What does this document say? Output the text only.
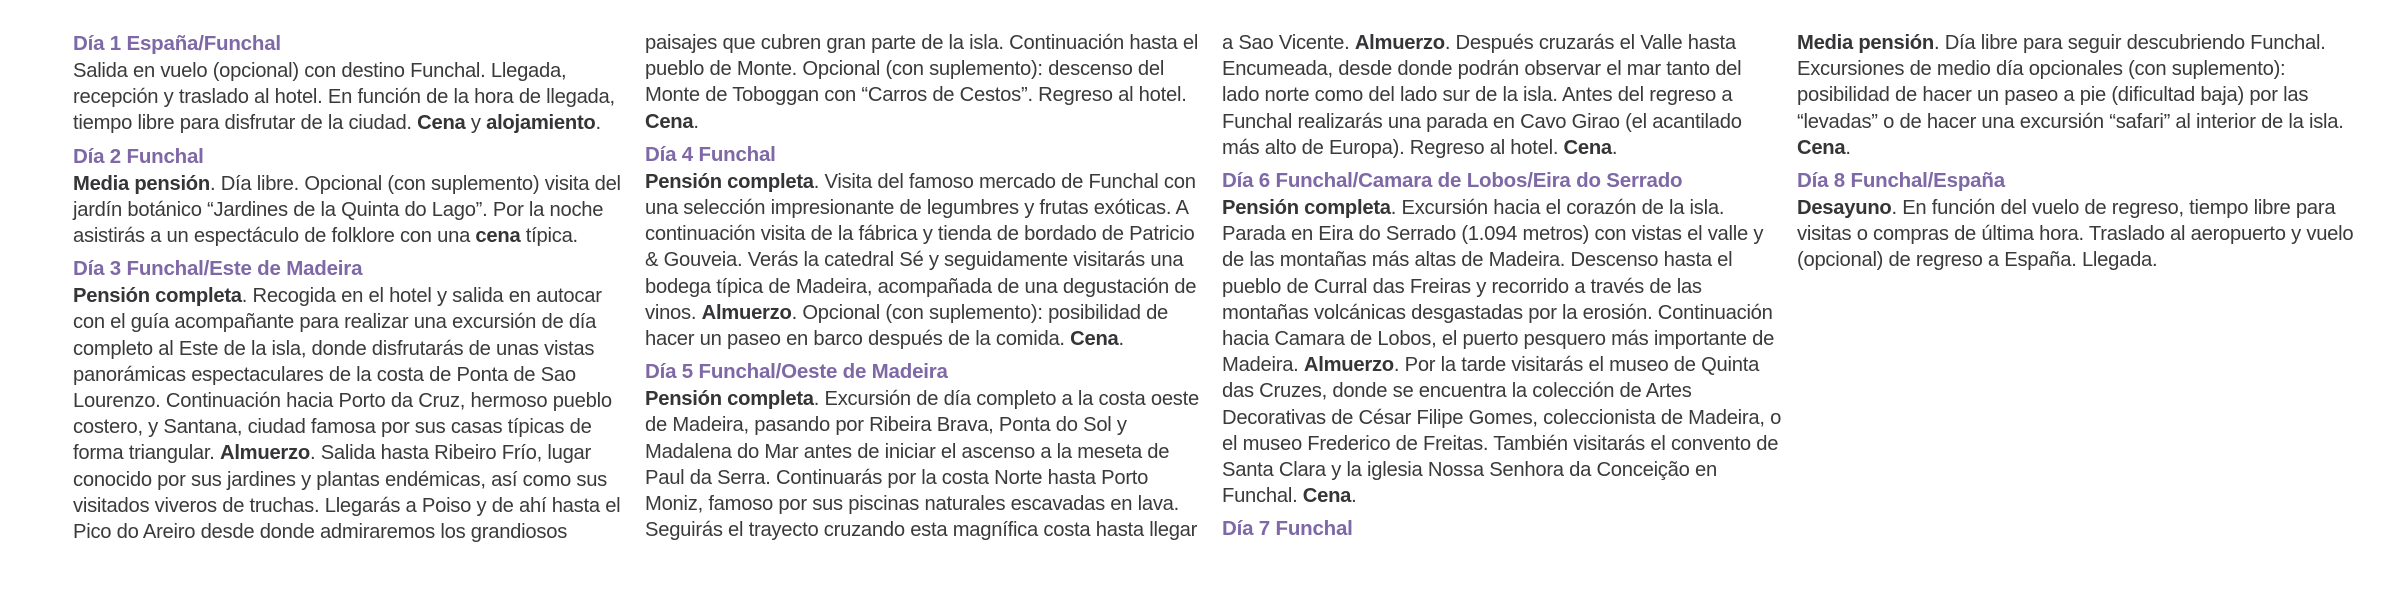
Día 1 España/Funchal

Salida en vuelo (opcional) con destino Funchal. Llegada, recepción y traslado al hotel. En función de la hora de llegada, tiempo libre para disfrutar de la ciudad. Cena y alojamiento.

Día 2 Funchal

Media pensión. Día libre. Opcional (con suplemento) visita del jardín botánico “Jardines de la Quinta do Lago”. Por la noche asistirás a un espectáculo de folklore con una cena típica.

Día 3 Funchal/Este de Madeira

Pensión completa. Recogida en el hotel y salida en autocar con el guía acompañante para realizar una excursión de día completo al Este de la isla, donde disfrutarás de unas vistas panorámicas espectaculares de la costa de Ponta de Sao Lourenzo. Continuación hacia Porto da Cruz, hermoso pueblo costero, y Santana, ciudad famosa por sus casas típicas de forma triangular. Almuerzo. Salida hasta Ribeiro Frío, lugar conocido por sus jardines y plantas endémicas, así como sus visitados viveros de truchas. Llegarás a Poiso y de ahí hasta el Pico do Areiro desde donde admiraremos los grandiosos

paisajes que cubren gran parte de la isla. Continuación hasta el pueblo de Monte. Opcional (con suplemento): descenso del Monte de Toboggan con “Carros de Cestos”. Regreso al hotel. Cena.

Día 4 Funchal

Pensión completa. Visita del famoso mercado de Funchal con una selección impresionante de legumbres y frutas exóticas. A continuación visita de la fábrica y tienda de bordado de Patricio & Gouveia. Verás la catedral Sé y seguidamente visitarás una bodega típica de Madeira, acompañada de una degustación de vinos. Almuerzo. Opcional (con suplemento): posibilidad de hacer un paseo en barco después de la comida. Cena.

Día 5 Funchal/Oeste de Madeira

Pensión completa. Excursión de día completo a la costa oeste de Madeira, pasando por Ribeira Brava, Ponta do Sol y Madalena do Mar antes de iniciar el ascenso a la meseta de Paul da Serra. Continuarás por la costa Norte hasta Porto Moniz, famoso por sus piscinas naturales escavadas en lava. Seguirás el trayecto cruzando esta magnífica costa hasta llegar

a Sao Vicente. Almuerzo. Después cruzarás el Valle hasta Encumeada, desde donde podrán observar el mar tanto del lado norte como del lado sur de la isla. Antes del regreso a Funchal realizarás una parada en Cavo Girao (el acantilado más alto de Europa). Regreso al hotel. Cena.

Día 6 Funchal/Camara de Lobos/Eira do Serrado

Pensión completa. Excursión hacia el corazón de la isla. Parada en Eira do Serrado (1.094 metros) con vistas el valle y de las montañas más altas de Madeira. Descenso hasta el pueblo de Curral das Freiras y recorrido a través de las montañas volcánicas desgastadas por la erosión. Continuación hacia Camara de Lobos, el puerto pesquero más importante de Madeira. Almuerzo. Por la tarde visitarás el museo de Quinta das Cruzes, donde se encuentra la colección de Artes Decorativas de César Filipe Gomes, coleccionista de Madeira, o el museo Frederico de Freitas. También visitarás el convento de Santa Clara y la iglesia Nossa Senhora da Conceição en Funchal. Cena.

Día 7 Funchal

Media pensión. Día libre para seguir descubriendo Funchal. Excursiones de medio día opcionales (con suplemento): posibilidad de hacer un paseo a pie (dificultad baja) por las “levadas” o de hacer una excursión “safari” al interior de la isla. Cena.

Día 8 Funchal/España

Desayuno. En función del vuelo de regreso, tiempo libre para visitas o compras de última hora. Traslado al aeropuerto y vuelo (opcional) de regreso a España. Llegada.
